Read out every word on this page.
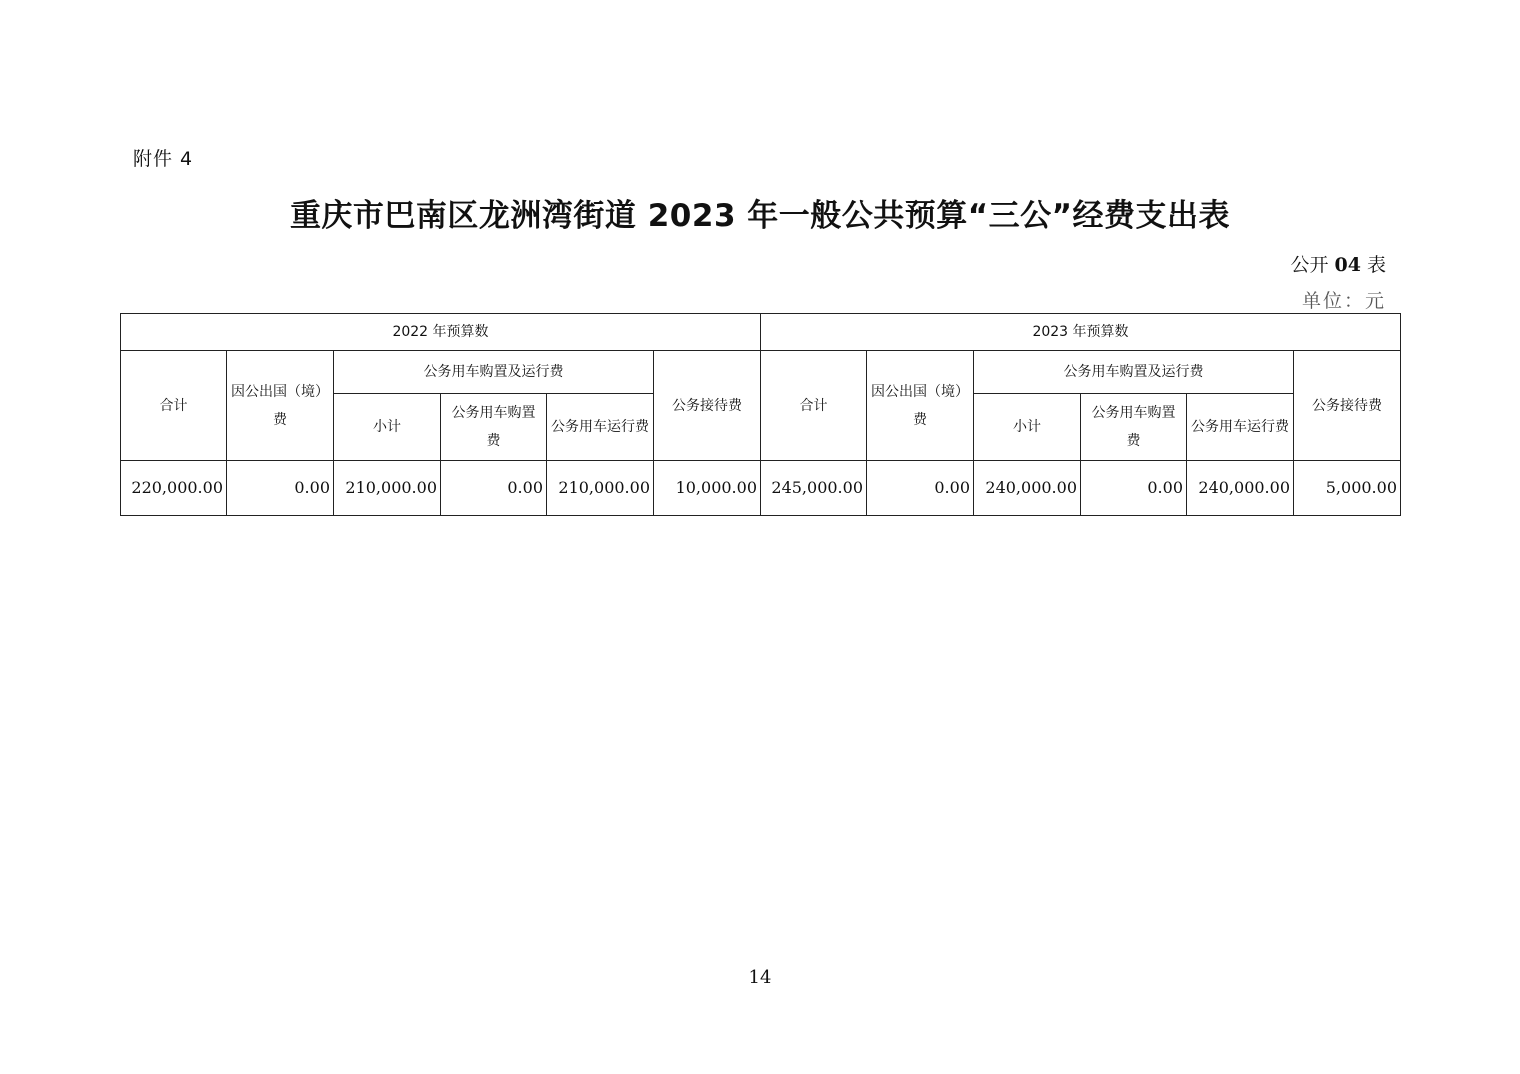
附件 4
重庆市巴南区龙洲湾街道 2023 年一般公共预算“三公”经费支出表
公开 04 表
单位：元
2022 年预算数						2023 年预算数					
合计	因公出国（境）费	公务用车购置及运行费			公务接待费	合计	因公出国（境）费	公务用车购置及运行费			公务接待费
		小计	公务用车购置费	公务用车运行费				小计	公务用车购置费	公务用车运行费	
220,000.00	0.00	210,000.00	0.00	210,000.00	10,000.00	245,000.00	0.00	240,000.00	0.00	240,000.00	5,000.00
14
